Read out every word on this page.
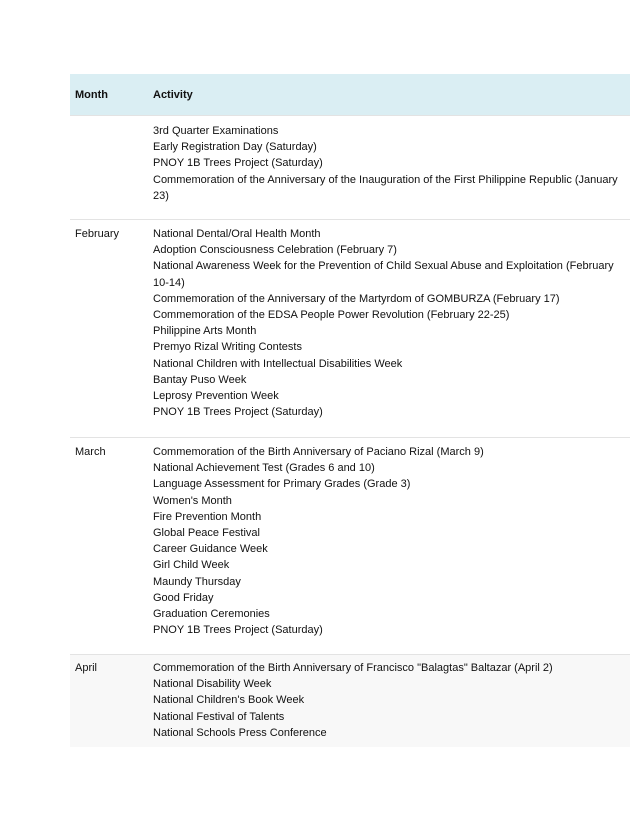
Month	Activity
3rd Quarter Examinations
Early Registration Day (Saturday)
PNOY 1B Trees Project (Saturday)
Commemoration of the Anniversary of the Inauguration of the First Philippine Republic (January 23)
February	National Dental/Oral Health Month
Adoption Consciousness Celebration (February 7)
National Awareness Week for the Prevention of Child Sexual Abuse and Exploitation (February 10-14)
Commemoration of the Anniversary of the Martyrdom of GOMBURZA (February 17)
Commemoration of the EDSA People Power Revolution (February 22-25)
Philippine Arts Month
Premyo Rizal Writing Contests
National Children with Intellectual Disabilities Week
Bantay Puso Week
Leprosy Prevention Week
PNOY 1B Trees Project (Saturday)
March	Commemoration of the Birth Anniversary of Paciano Rizal (March 9)
National Achievement Test (Grades 6 and 10)
Language Assessment for Primary Grades (Grade 3)
Women's Month
Fire Prevention Month
Global Peace Festival
Career Guidance Week
Girl Child Week
Maundy Thursday
Good Friday
Graduation Ceremonies
PNOY 1B Trees Project (Saturday)
April	Commemoration of the Birth Anniversary of Francisco "Balagtas" Baltazar (April 2)
National Disability Week
National Children's Book Week
National Festival of Talents
National Schools Press Conference
